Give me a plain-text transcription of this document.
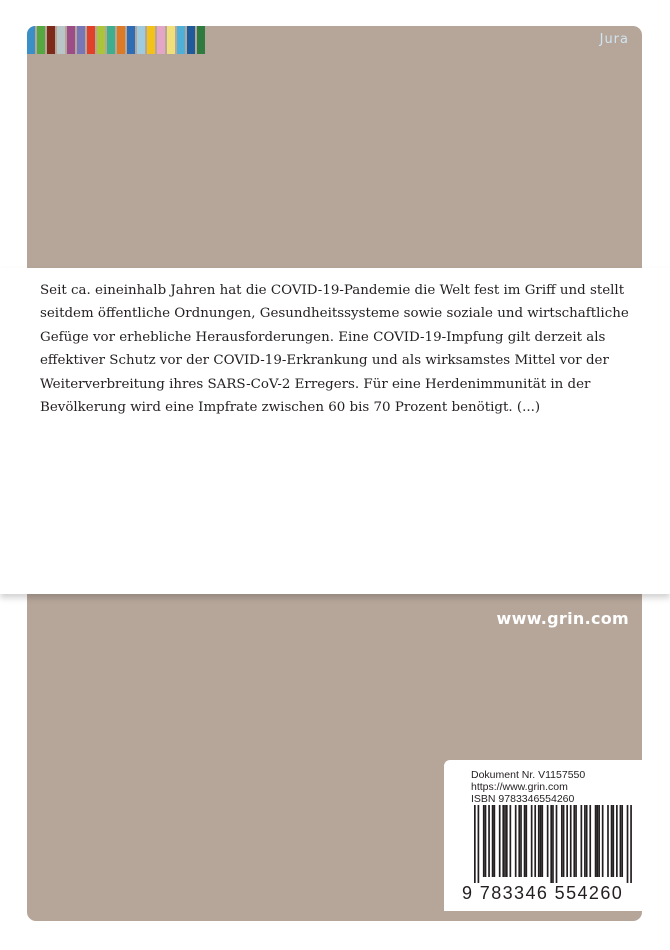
Jura

Seit ca. eineinhalb Jahren hat die COVID-19-Pandemie die Welt fest im Griff und stellt seitdem öffentliche Ordnungen, Gesundheitssysteme sowie soziale und wirtschaftliche Gefüge vor erhebliche Herausforderungen. Eine COVID-19-Impfung gilt derzeit als effektiver Schutz vor der COVID-19-Erkrankung und als wirksamstes Mittel vor der Weiterverbreitung ihres SARS-CoV-2 Erregers. Für eine Herdenimmunität in der Bevölkerung wird eine Impfrate zwischen 60 bis 70 Prozent benötigt. (...)

www.grin.com
Dokument Nr. V1157550
https://www.grin.com
ISBN 9783346554260
9 783346 554260
